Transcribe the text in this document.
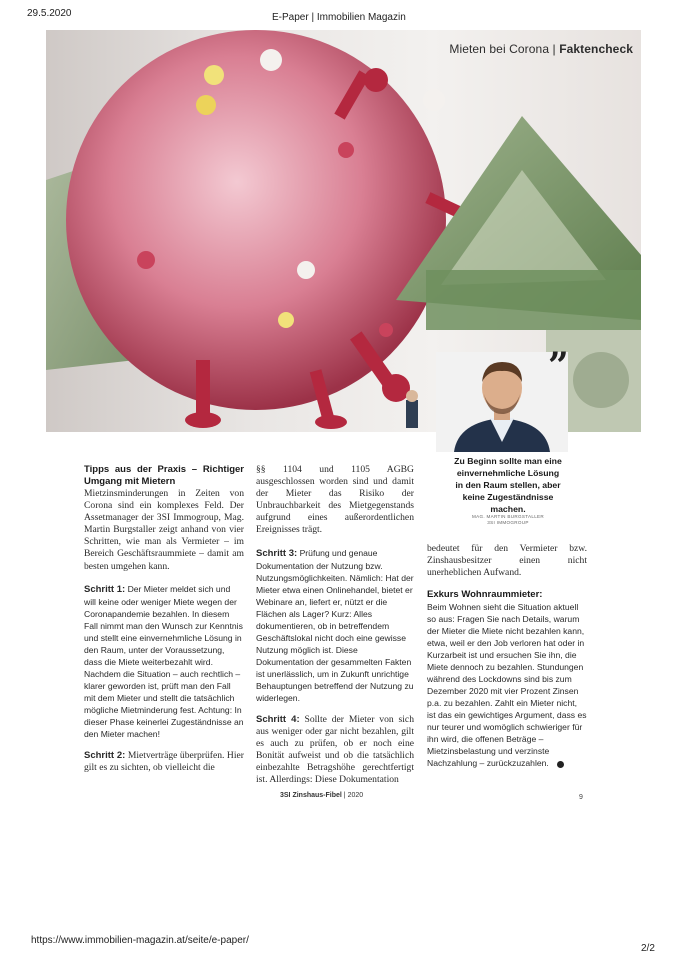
29.5.2020	E-Paper | Immobilien Magazin
Mieten bei Corona | Faktencheck
”
Zu Beginn sollte man eine einvernehmliche Lösung in den Raum stellen, aber keine Zugeständnisse machen.
MAG. MARTIN BURGSTALLER
3SI IMMOGROUP
Tipps aus der Praxis – Richtiger Umgang mit Mietern

Mietzinsminderungen in Zeiten von Corona sind ein komplexes Feld. Der Assetmanager der 3SI Immogroup, Mag. Martin Burgstaller zeigt anhand von vier Schritten, wie man als Vermieter – im Bereich Geschäftsraummiete – damit am besten umgehen kann.

Schritt 1: Der Mieter meldet sich und will keine oder weniger Miete wegen der Coronapandemie bezahlen. In diesem Fall nimmt man den Wunsch zur Kenntnis und stellt eine einvernehmliche Lösung in den Raum, unter der Voraussetzung, dass die Miete weiterbezahlt wird. Nachdem die Situation – auch rechtlich – klarer geworden ist, prüft man den Fall mit dem Mieter und stellt die tatsächlich mögliche Mietminderung fest. Achtung: In dieser Phase keinerlei Zugeständnisse an den Mieter machen!

Schritt 2: Mietverträge überprüfen. Hier gilt es zu sichten, ob vielleicht die

§§ 1104 und 1105 AGBG ausgeschlossen worden sind und damit der Mieter das Risiko der Unbrauchbarkeit des Mietgegenstands aufgrund eines außerordentlichen Ereignisses trägt.

Schritt 3: Prüfung und genaue Dokumentation der Nutzung bzw. Nutzungsmöglichkeiten. Nämlich: Hat der Mieter etwa einen Onlinehandel, bietet er Webinare an, liefert er, nützt er die Flächen als Lager? Kurz: Alles dokumentieren, ob in betreffendem Geschäftslokal nicht doch eine gewisse Nutzung möglich ist. Diese Dokumentation der gesammelten Fakten ist unerlässlich, um in Zukunft unrichtige Behauptungen betreffend der Nutzung zu widerlegen.

Schritt 4: Sollte der Mieter von sich aus weniger oder gar nicht bezahlen, gilt es auch zu prüfen, ob er noch eine Bonität aufweist und ob die tatsächlich einbezahlte Betragshöhe gerechtfertigt ist. Allerdings: Diese Dokumentation

bedeutet für den Vermieter bzw. Zinshausbesitzer einen nicht unerheblichen Aufwand.

Exkurs Wohnraummieter:

Beim Wohnen sieht die Situation aktuell so aus: Fragen Sie nach Details, warum der Mieter die Miete nicht bezahlen kann, etwa, weil er den Job verloren hat oder in Kurzarbeit ist und ersuchen Sie ihn, die Miete dennoch zu bezahlen. Stundungen während des Lockdowns sind bis zum Dezember 2020 mit vier Prozent Zinsen p.a. zu bezahlen. Zahlt ein Mieter nicht, ist das ein gewichtiges Argument, dass es nur teurer und womöglich schwieriger für ihn wird, die offenen Beträge – Mietzinsbelastung und verzinste Nachzahlung – zurückzuzahlen.

3SI Zinshaus-Fibel | 2020	9
https://www.immobilien-magazin.at/seite/e-paper/
2/2
